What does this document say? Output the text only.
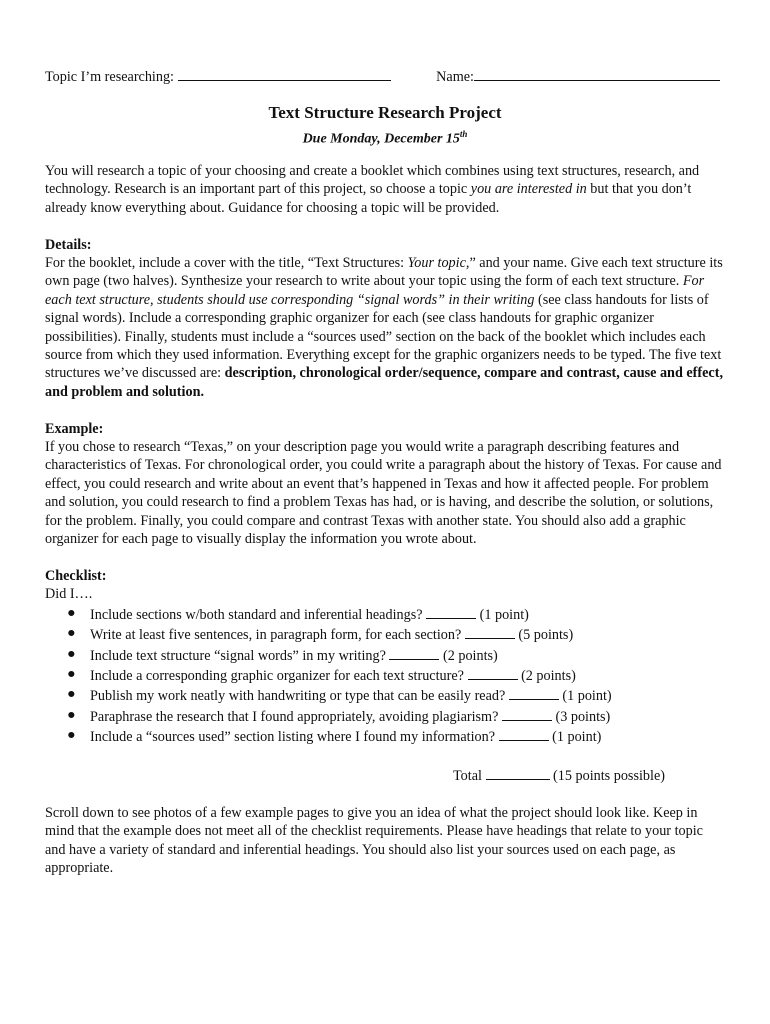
Topic I’m researching:	Name:
Text Structure Research Project
Due Monday, December 15th

You will research a topic of your choosing and create a booklet which combines using text structures, research, and technology. Research is an important part of this project, so choose a topic you are interested in but that you don’t already know everything about. Guidance for choosing a topic will be provided.

Details:

For the booklet, include a cover with the title, “Text Structures: Your topic,” and your name. Give each text structure its own page (two halves). Synthesize your research to write about your topic using the form of each text structure. For each text structure, students should use corresponding “signal words” in their writing (see class handouts for lists of signal words). Include a corresponding graphic organizer for each (see class handouts for graphic organizer possibilities). Finally, students must include a “sources used” section on the back of the booklet which includes each source from which they used information. Everything except for the graphic organizers needs to be typed. The five text structures we’ve discussed are: description, chronological order/sequence, compare and contrast, cause and effect, and problem and solution.

Example:

If you chose to research “Texas,” on your description page you would write a paragraph describing features and characteristics of Texas. For chronological order, you could write a paragraph about the history of Texas. For cause and effect, you could research and write about an event that’s happened in Texas and how it affected people. For problem and solution, you could research to find a problem Texas has had, or is having, and describe the solution, or solutions, for the problem. Finally, you could compare and contrast Texas with another state. You should also add a graphic organizer for each page to visually display the information you wrote about.

Checklist:
Did I….
● Include sections w/both standard and inferential headings?	(1 point)
● Write at least five sentences, in paragraph form, for each section?	(5 points)
● Include text structure “signal words” in my writing?	(2 points)
● Include a corresponding graphic organizer for each text structure?	(2 points)
● Publish my work neatly with handwriting or type that can be easily read?	(1 point)
● Paraphrase the research that I found appropriately, avoiding plagiarism?	(3 points)
● Include a “sources used” section listing where I found my information?	(1 point)
Total	(15 points possible)

Scroll down to see photos of a few example pages to give you an idea of what the project should look like. Keep in mind that the example does not meet all of the checklist requirements. Please have headings that relate to your topic and have a variety of standard and inferential headings. You should also list your sources used on each page, as appropriate.
